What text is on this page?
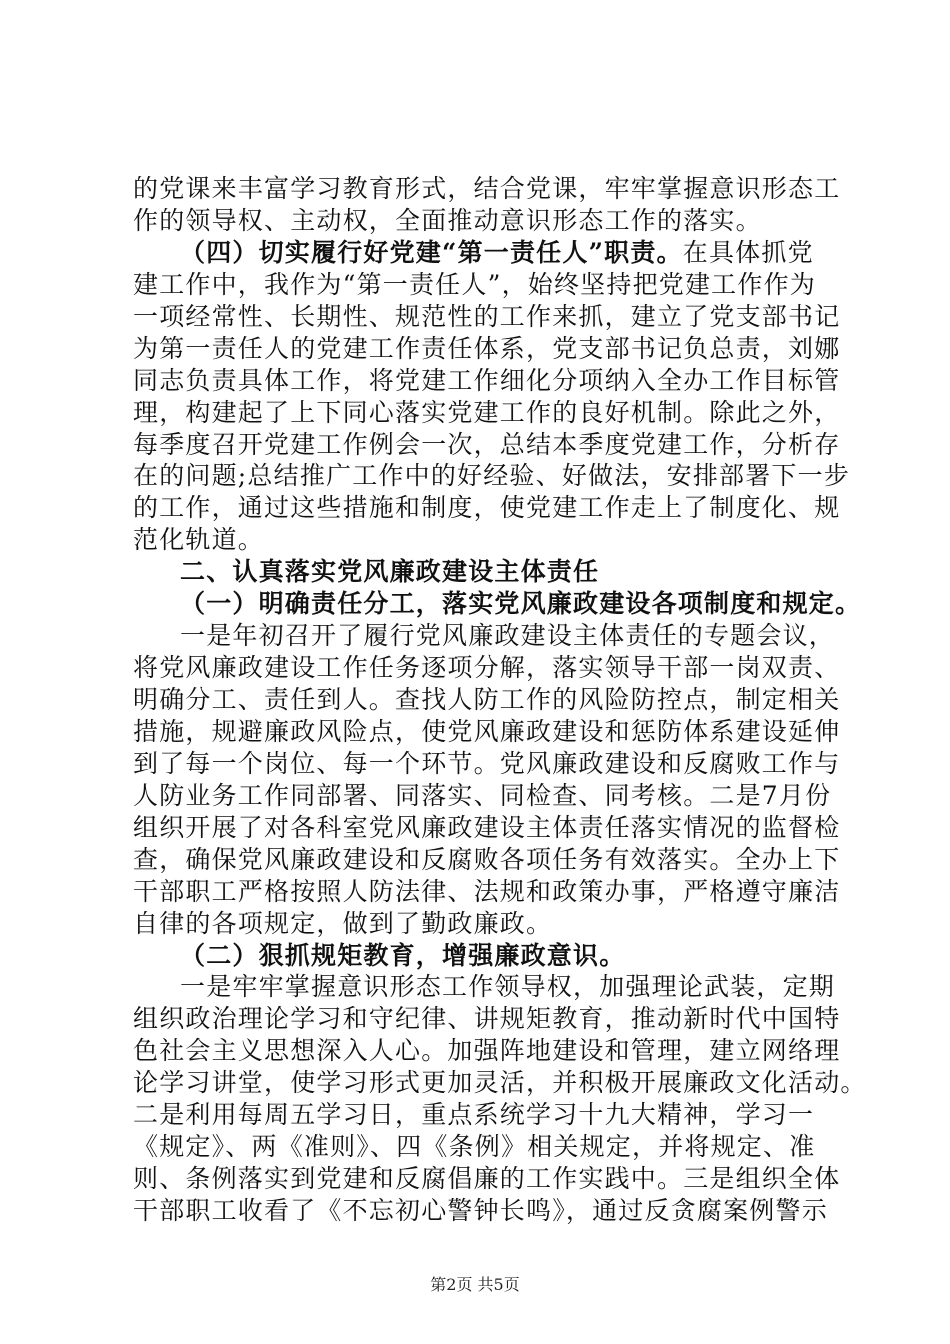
的党课来丰富学习教育形式，结合党课，牢牢掌握意识形态工
作的领导权、主动权，全面推动意识形态工作的落实。
（四）切实履行好党建“第一责任人”职责。在具体抓党
建工作中，我作为“第一责任人”，始终坚持把党建工作作为
一项经常性、长期性、规范性的工作来抓，建立了党支部书记
为第一责任人的党建工作责任体系，党支部书记负总责，刘娜
同志负责具体工作，将党建工作细化分项纳入全办工作目标管
理，构建起了上下同心落实党建工作的良好机制。除此之外，
每季度召开党建工作例会一次，总结本季度党建工作，分析存
在的问题;总结推广工作中的好经验、好做法，安排部署下一步
的工作，通过这些措施和制度，使党建工作走上了制度化、规
范化轨道。
二、认真落实党风廉政建设主体责任
（一）明确责任分工，落实党风廉政建设各项制度和规定。
一是年初召开了履行党风廉政建设主体责任的专题会议，
将党风廉政建设工作任务逐项分解，落实领导干部一岗双责、
明确分工、责任到人。查找人防工作的风险防控点，制定相关
措施，规避廉政风险点，使党风廉政建设和惩防体系建设延伸
到了每一个岗位、每一个环节。党风廉政建设和反腐败工作与
人防业务工作同部署、同落实、同检查、同考核。二是7月份
组织开展了对各科室党风廉政建设主体责任落实情况的监督检
查，确保党风廉政建设和反腐败各项任务有效落实。全办上下
干部职工严格按照人防法律、法规和政策办事，严格遵守廉洁
自律的各项规定，做到了勤政廉政。
（二）狠抓规矩教育，增强廉政意识。
一是牢牢掌握意识形态工作领导权，加强理论武装，定期
组织政治理论学习和守纪律、讲规矩教育，推动新时代中国特
色社会主义思想深入人心。加强阵地建设和管理，建立网络理
论学习讲堂，使学习形式更加灵活，并积极开展廉政文化活动。
二是利用每周五学习日，重点系统学习十九大精神，学习一
《规定》、两《准则》、四《条例》相关规定，并将规定、准
则、条例落实到党建和反腐倡廉的工作实践中。三是组织全体
干部职工收看了《不忘初心警钟长鸣》，通过反贪腐案例警示
第2页 共5页
